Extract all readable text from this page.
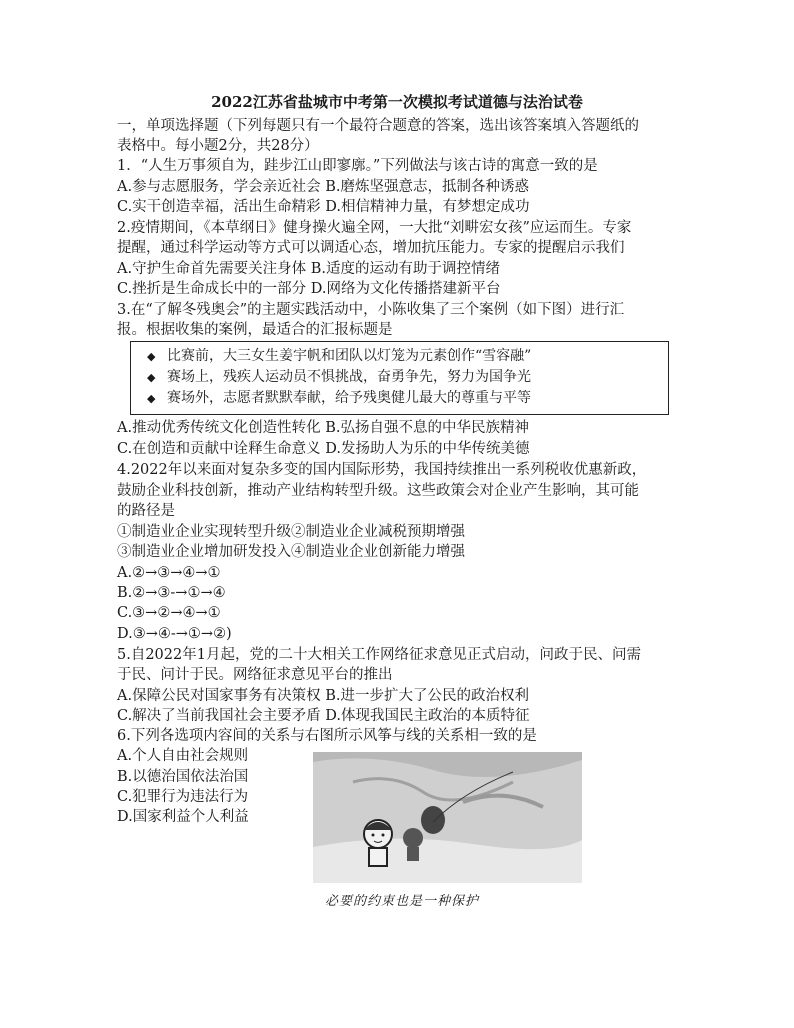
2022江苏省盐城市中考第一次模拟考试道德与法治试卷
一，单项选择题（下列每题只有一个最符合题意的答案，选出该答案填入答题纸的
表格中。每小题2分，共28分）
1．“人生万事须自为，跬步江山即寥廓。”下列做法与该古诗的寓意一致的是
A.参与志愿服务，学会亲近社会 B.磨炼坚强意志，抵制各种诱惑
C.实干创造幸福，活出生命精彩 D.相信精神力量，有梦想定成功
2.疫情期间，《本草纲日》健身操火遍全网，一大批“刘畊宏女孩”应运而生。专家
提醒，通过科学运动等方式可以调适心态，增加抗压能力。专家的提醒启示我们
A.守护生命首先需要关注身体 B.适度的运动有助于调控情绪
C.挫折是生命成长中的一部分 D.网络为文化传播搭建新平台
3.在“了解冬残奥会”的主题实践活动中，小陈收集了三个案例（如下图）进行汇
报。根据收集的案例，最适合的汇报标题是
◆ 比赛前，大三女生姜宇帆和团队以灯笼为元素创作“雪容融”
◆ 赛场上，残疾人运动员不惧挑战，奋勇争先，努力为国争光
◆ 赛场外，志愿者默默奉献，给予残奥健儿最大的尊重与平等
A.推动优秀传统文化创造性转化 B.弘扬自强不息的中华民族精神
C.在创造和贡献中诠释生命意义 D.发扬助人为乐的中华传统美德
4.2022年以来面对复杂多变的国内国际形势，我国持续推出一系列税收优惠新政，
鼓励企业科技创新，推动产业结构转型升级。这些政策会对企业产生影响，其可能
的路径是
①制造业企业实现转型升级②制造业企业减税预期增强
③制造业企业增加研发投入④制造业企业创新能力增强
A.②→③→④→①
B.②→③-→①→④
C.③→②→④→①
D.③→④-→①→②)
5.自2022年1月起，党的二十大相关工作网络征求意见正式启动，问政于民、问需
于民、问计于民。网络征求意见平台的推出
A.保障公民对国家事务有决策权 B.进一步扩大了公民的政治权利
C.解决了当前我国社会主要矛盾 D.体现我国民主政治的本质特征
6.下列各选项内容间的关系与右图所示风筝与线的关系相一致的是
A.个人自由社会规则
B.以德治国依法治国
C.犯罪行为违法行为
D.国家利益个人利益
必要的约束也是一种保护
